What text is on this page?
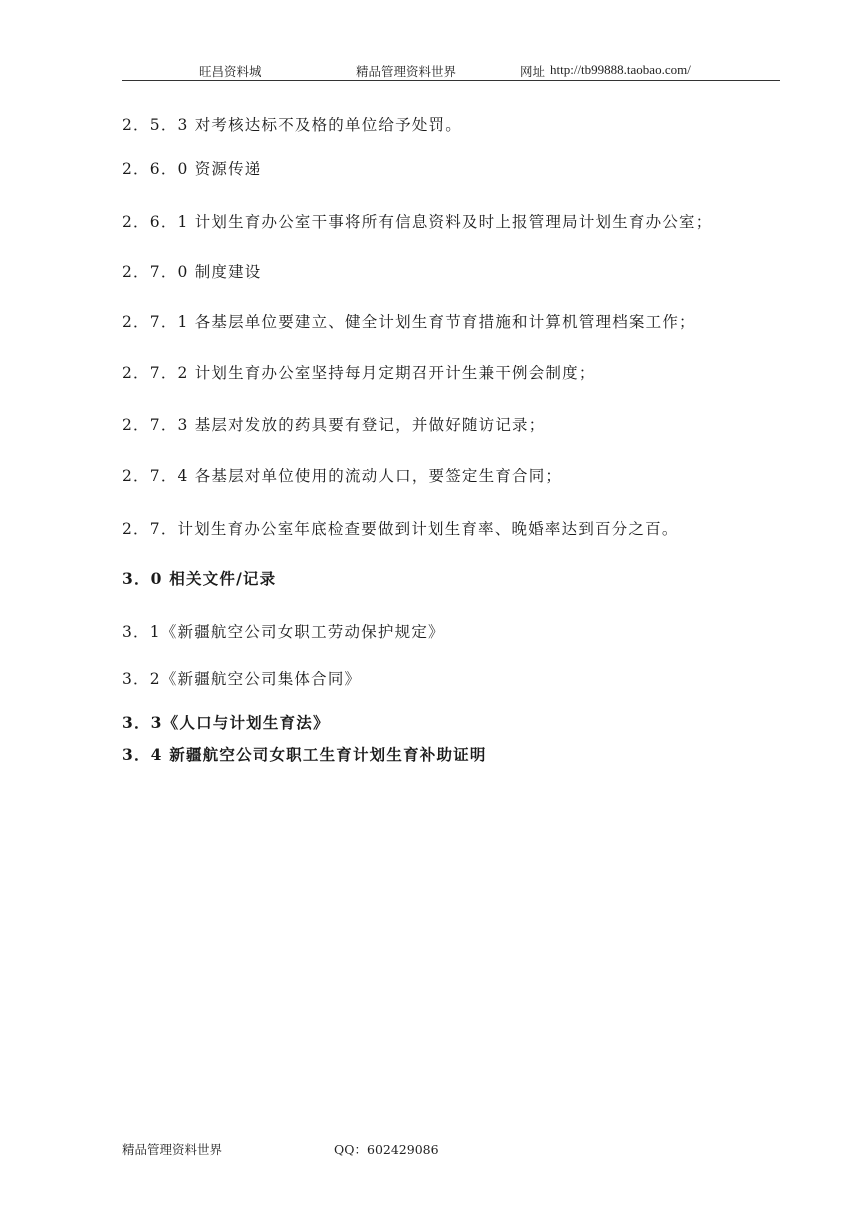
旺昌资料城	精品管理资料世界	网址 http://tb99888.taobao.com/
2．5．3 对考核达标不及格的单位给予处罚。
2．6．0 资源传递
2．6．1 计划生育办公室干事将所有信息资料及时上报管理局计划生育办公室；
2．7．0 制度建设
2．7．1 各基层单位要建立、健全计划生育节育措施和计算机管理档案工作；
2．7．2 计划生育办公室坚持每月定期召开计生兼干例会制度；
2．7．3 基层对发放的药具要有登记，并做好随访记录；
2．7．4 各基层对单位使用的流动人口，要签定生育合同；
2．7．计划生育办公室年底检查要做到计划生育率、晚婚率达到百分之百。
3．0 相关文件/记录
3．1《新疆航空公司女职工劳动保护规定》
3．2《新疆航空公司集体合同》
3．3《人口与计划生育法》
3．4 新疆航空公司女职工生育计划生育补助证明
精品管理资料世界	QQ：602429086
